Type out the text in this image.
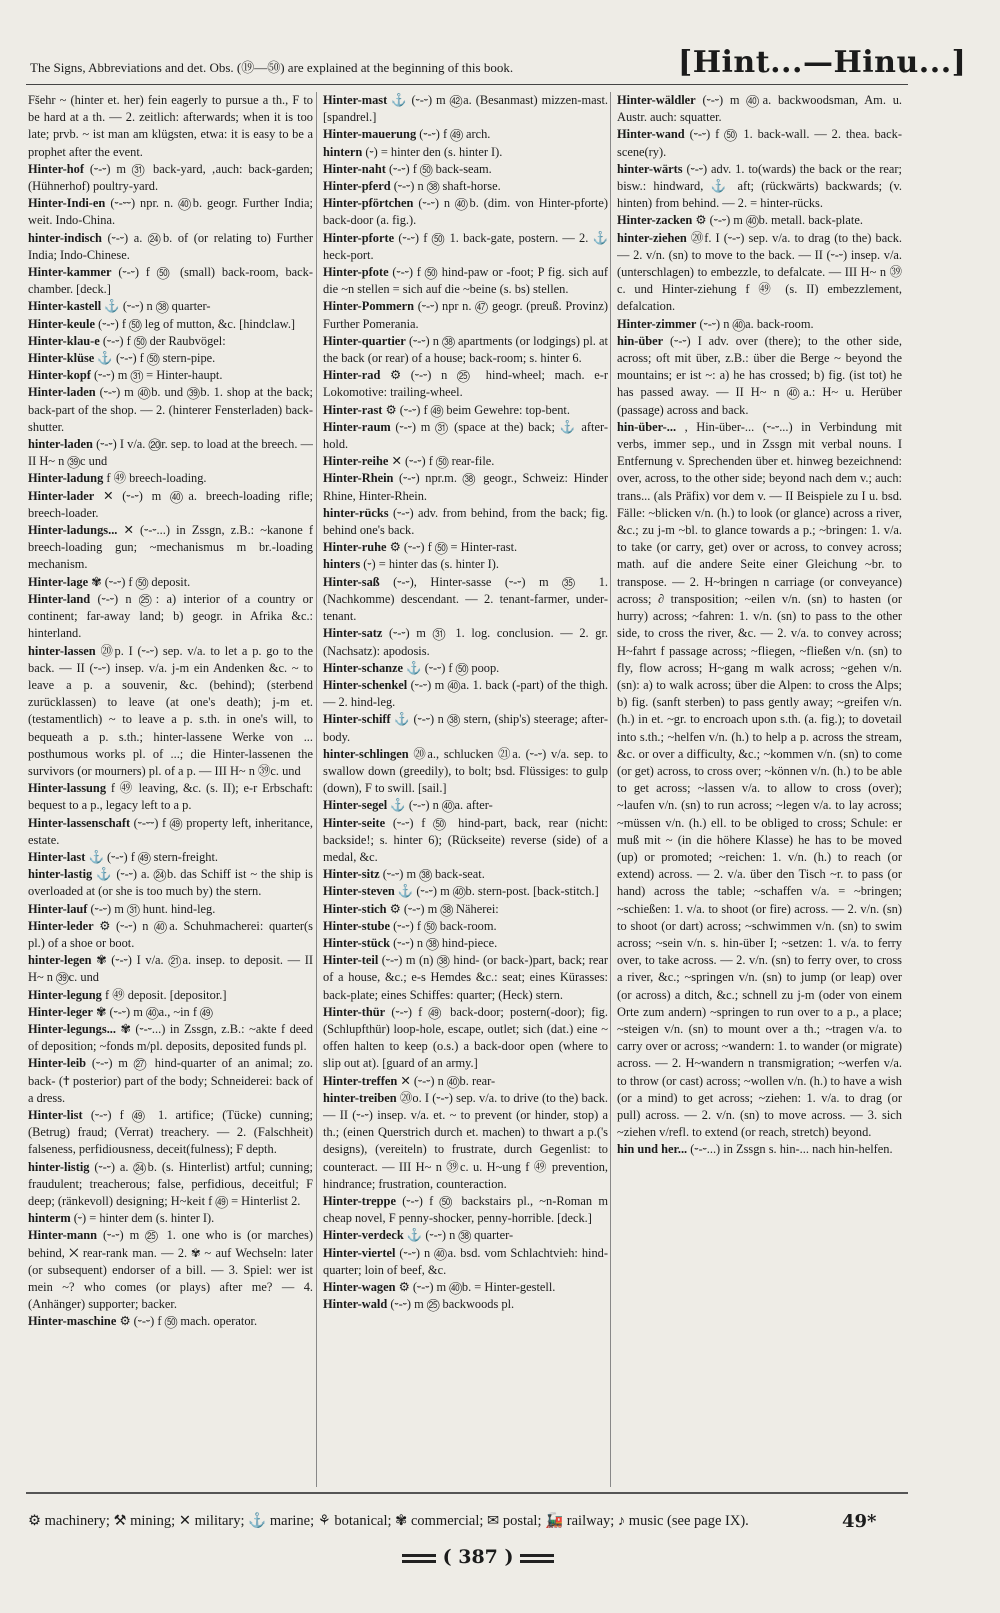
The Signs, Abbreviations and det. Obs. (⑲—㊿) are explained at the beginning of this book.	[Hint...—Hinu...]

Fšehr ~ (hinter et. her) fein eagerly to pursue a th., F to be hard at a th. — 2. zeitlich: afterwards; when it is too late; prvb. ~ ist man am klügsten, etwa: it is easy to be a prophet after the event.

Hinter-hof (⏑-⏑) m ㉛ back-yard, ‚auch: back-garden; (Hühnerhof) poultry-yard.

Hinter-Indi-en (⏑-⏑⏑) npr. n. ㊵b. geogr. Further India; weit. Indo-China.

hinter-indisch (⏑-⏑) a. ㉔b. of (or relating to) Further India; Indo-Chinese.

Hinter-kammer (⏑-⏑) f ㊿ (small) back-room, back-chamber. [deck.]

Hinter-kastell ⚓ (⏑-⏑) n ㊳ quarter-

Hinter-keule (⏑-⏑) f ㊿ leg of mutton, &c. [hindclaw.]

Hinter-klau-e (⏑-⏑) f ㊿ der Raubvögel:

Hinter-klüse ⚓ (⏑-⏑) f ㊿ stern-pipe.

Hinter-kopf (⏑-⏑) m ㉛ = Hinter-haupt.

Hinter-laden (⏑-⏑) m ㊵b. und ㊴b. 1. shop at the back; back-part of the shop. — 2. (hinterer Fensterladen) back-shutter.

hinter-laden (⏑-⏑) I v/a. ⑳r. sep. to load at the breech. — II H~ n ㊴c und

Hinter-ladung f ㊾ breech-loading.

Hinter-lader ✕ (⏑-⏑) m ㊵a. breech-loading rifle; breech-loader.

Hinter-ladungs... ✕ (⏑-⏑...) in Zssgn, z.B.: ~kanone f breech-loading gun; ~mechanismus m br.-loading mechanism.

Hinter-lage ✾ (⏑-⏑) f ㊿ deposit.

Hinter-land (⏑-⏑) n ㉕: a) interior of a country or continent; far-away land; b) geogr. in Afrika &c.: hinterland.

hinter-lassen ⑳p. I (⏑-⏑) sep. v/a. to let a p. go to the back. — II (⏑-⏑) insep. v/a. j-m ein Andenken &c. ~ to leave a p. a souvenir, &c. (behind); (sterbend zurücklassen) to leave (at one's death); j-m et. (testamentlich) ~ to leave a p. s.th. in one's will, to bequeath a p. s.th.; hinter-lassene Werke von ... posthumous works pl. of ...; die Hinter-lassenen the survivors (or mourners) pl. of a p. — III H~ n ㊴c. und

Hinter-lassung f ㊾ leaving, &c. (s. II); e-r Erbschaft: bequest to a p., legacy left to a p.

Hinter-lassenschaft (⏑-⏑⏑) f ㊾ property left, inheritance, estate.

Hinter-last ⚓ (⏑-⏑) f ㊾ stern-freight.

hinter-lastig ⚓ (⏑-⏑) a. ㉔b. das Schiff ist ~ the ship is overloaded at (or she is too much by) the stern.

Hinter-lauf (⏑-⏑) m ㉛ hunt. hind-leg.

Hinter-leder ⚙ (⏑-⏑) n ㊵a. Schuhmacherei: quarter(s pl.) of a shoe or boot.

hinter-legen ✾ (⏑-⏑) I v/a. ㉑a. insep. to deposit. — II H~ n ㊴c. und

Hinter-legung f ㊾ deposit. [depositor.]

Hinter-leger ✾ (⏑-⏑) m ㊵a., ~in f ㊾

Hinter-legungs... ✾ (⏑-⏑...) in Zssgn, z.B.: ~akte f deed of deposition; ~fonds m/pl. deposits, deposited funds pl.

Hinter-leib (⏑-⏑) m ㉗ hind-quarter of an animal; zo. back- (✝ posterior) part of the body; Schneiderei: back of a dress.

Hinter-list (⏑-⏑) f ㊾ 1. artifice; (Tücke) cunning; (Betrug) fraud; (Verrat) treachery. — 2. (Falschheit) falseness, perfidiousness, deceit(fulness); F depth.

hinter-listig (⏑-⏑) a. ㉔b. (s. Hinterlist) artful; cunning; fraudulent; treacherous; false, perfidious, deceitful; F deep; (ränkevoll) designing; H~keit f ㊾ = Hinterlist 2.

hinterm (⏑) = hinter dem (s. hinter I).

Hinter-mann (⏑-⏑) m ㉕ 1. one who is (or marches) behind, ✕ rear-rank man. — 2. ✾ ~ auf Wechseln: later (or subsequent) endorser of a bill. — 3. Spiel: wer ist mein ~? who comes (or plays) after me? — 4. (Anhänger) supporter; backer.

Hinter-maschine ⚙ (⏑-⏑) f ㊿ mach. operator.

Hinter-mast ⚓ (⏑-⏑) m ㊷a. (Besanmast) mizzen-mast. [spandrel.]

Hinter-mauerung (⏑-⏑) f ㊾ arch.

hintern (⏑) = hinter den (s. hinter I).

Hinter-naht (⏑-⏑) f ㊿ back-seam.

Hinter-pferd (⏑-⏑) n ㊳ shaft-horse.

Hinter-pförtchen (⏑-⏑) n ㊵b. (dim. von Hinter-pforte) back-door (a. fig.).

Hinter-pforte (⏑-⏑) f ㊿ 1. back-gate, postern. — 2. ⚓ heck-port.

Hinter-pfote (⏑-⏑) f ㊿ hind-paw or -foot; P fig. sich auf die ~n stellen = sich auf die ~beine (s. bs) stellen.

Hinter-Pommern (⏑-⏑) npr n. ㊼ geogr. (preuß. Provinz) Further Pomerania.

Hinter-quartier (⏑-⏑) n ㊳ apartments (or lodgings) pl. at the back (or rear) of a house; back-room; s. hinter 6.

Hinter-rad ⚙ (⏑-⏑) n ㉕ hind-wheel; mach. e-r Lokomotive: trailing-wheel.

Hinter-rast ⚙ (⏑-⏑) f ㊾ beim Gewehre: top-bent.

Hinter-raum (⏑-⏑) m ㉛ (space at the) back; ⚓ after-hold.

Hinter-reihe ✕ (⏑-⏑) f ㊿ rear-file.

Hinter-Rhein (⏑-⏑) npr.m. ㊳ geogr., Schweiz: Hinder Rhine, Hinter-Rhein.

hinter-rücks (⏑-⏑) adv. from behind, from the back; fig. behind one's back.

Hinter-ruhe ⚙ (⏑-⏑) f ㊿ = Hinter-rast.

hinters (⏑) = hinter das (s. hinter I).

Hinter-saß (⏑-⏑), Hinter-sasse (⏑-⏑) m ㉟ 1. (Nachkomme) descendant. — 2. tenant-farmer, under-tenant.

Hinter-satz (⏑-⏑) m ㉛ 1. log. conclusion. — 2. gr. (Nachsatz): apodosis.

Hinter-schanze ⚓ (⏑-⏑) f ㊿ poop.

Hinter-schenkel (⏑-⏑) m ㊵a. 1. back (-part) of the thigh. — 2. hind-leg.

Hinter-schiff ⚓ (⏑-⏑) n ㊳ stern, (ship's) steerage; after-body.

hinter-schlingen ⑳a., schlucken ㉑a. (⏑-⏑) v/a. sep. to swallow down (greedily), to bolt; bsd. Flüssiges: to gulp (down), F to swill. [sail.]

Hinter-segel ⚓ (⏑-⏑) n ㊵a. after-

Hinter-seite (⏑-⏑) f ㊿ hind-part, back, rear (nicht: backside!; s. hinter 6); (Rückseite) reverse (side) of a medal, &c.

Hinter-sitz (⏑-⏑) m ㊳ back-seat.

Hinter-steven ⚓ (⏑-⏑) m ㊵b. stern-post. [back-stitch.]

Hinter-stich ⚙ (⏑-⏑) m ㊳ Näherei:

Hinter-stube (⏑-⏑) f ㊿ back-room.

Hinter-stück (⏑-⏑) n ㊳ hind-piece.

Hinter-teil (⏑-⏑) m (n) ㊳ hind- (or back-)part, back; rear of a house, &c.; e-s Hemdes &c.: seat; eines Kürasses: back-plate; eines Schiffes: quarter; (Heck) stern.

Hinter-thür (⏑-⏑) f ㊾ back-door; postern(-door); fig. (Schlupfthür) loop-hole, escape, outlet; sich (dat.) eine ~ offen halten to keep (o.s.) a back-door open (where to slip out at). [guard of an army.]

Hinter-treffen ✕ (⏑-⏑) n ㊵b. rear-

hinter-treiben ⑳o. I (⏑-⏑) sep. v/a. to drive (to the) back. — II (⏑-⏑) insep. v/a. et. ~ to prevent (or hinder, stop) a th.; (einen Querstrich durch et. machen) to thwart a p.('s designs), (vereiteln) to frustrate, durch Gegenlist: to counteract. — III H~ n ㊴c. u. H~ung f ㊾ prevention, hindrance; frustration, counteraction.

Hinter-treppe (⏑-⏑) f ㊿ backstairs pl., ~n-Roman m cheap novel, F penny-shocker, penny-horrible. [deck.]

Hinter-verdeck ⚓ (⏑-⏑) n ㊳ quarter-

Hinter-viertel (⏑-⏑) n ㊵a. bsd. vom Schlachtvieh: hind-quarter; loin of beef, &c.

Hinter-wagen ⚙ (⏑-⏑) m ㊵b. = Hinter-gestell.

Hinter-wald (⏑-⏑) m ㉕ backwoods pl.

Hinter-wäldler (⏑-⏑) m ㊵a. backwoodsman, Am. u. Austr. auch: squatter.

Hinter-wand (⏑-⏑) f ㊿ 1. back-wall. — 2. thea. back-scene(ry).

hinter-wärts (⏑-⏑) adv. 1. to(wards) the back or the rear; bisw.: hindward, ⚓ aft; (rückwärts) backwards; (v. hinten) from behind. — 2. = hinter-rücks.

Hinter-zacken ⚙ (⏑-⏑) m ㊵b. metall. back-plate.

hinter-ziehen ⑳f. I (⏑-⏑) sep. v/a. to drag (to the) back. — 2. v/n. (sn) to move to the back. — II (⏑-⏑) insep. v/a. (unterschlagen) to embezzle, to defalcate. — III H~ n ㊴c. und Hinter-ziehung f ㊾ (s. II) embezzlement, defalcation.

Hinter-zimmer (⏑-⏑) n ㊵a. back-room.

hin-über (⏑-⏑) I adv. over (there); to the other side, across; oft mit über, z.B.: über die Berge ~ beyond the mountains; er ist ~: a) he has crossed; b) fig. (ist tot) he has passed away. — II H~ n ㊵a.: H~ u. Herüber (passage) across and back.

hin-über-... , Hin-über-... (⏑-⏑...) in Verbindung mit verbs, immer sep., und in Zssgn mit verbal nouns. I Entfernung v. Sprechenden über et. hinweg bezeichnend: over, across, to the other side; beyond nach dem v.; auch: trans... (als Präfix) vor dem v. — II Beispiele zu I u. bsd. Fälle: ~blicken v/n. (h.) to look (or glance) across a river, &c.; zu j-m ~bl. to glance towards a p.; ~bringen: 1. v/a. to take (or carry, get) over or across, to convey across; math. auf die andere Seite einer Gleichung ~br. to transpose. — 2. H~bringen n carriage (or conveyance) across; ∂ transposition; ~eilen v/n. (sn) to hasten (or hurry) across; ~fahren: 1. v/n. (sn) to pass to the other side, to cross the river, &c. — 2. v/a. to convey across; H~fahrt f passage across; ~fliegen, ~fließen v/n. (sn) to fly, flow across; H~gang m walk across; ~gehen v/n. (sn): a) to walk across; über die Alpen: to cross the Alps; b) fig. (sanft sterben) to pass gently away; ~greifen v/n. (h.) in et. ~gr. to encroach upon s.th. (a. fig.); to dovetail into s.th.; ~helfen v/n. (h.) to help a p. across the stream, &c. or over a difficulty, &c.; ~kommen v/n. (sn) to come (or get) across, to cross over; ~können v/n. (h.) to be able to get across; ~lassen v/a. to allow to cross (over); ~laufen v/n. (sn) to run across; ~legen v/a. to lay across; ~müssen v/n. (h.) ell. to be obliged to cross; Schule: er muß mit ~ (in die höhere Klasse) he has to be moved (up) or promoted; ~reichen: 1. v/n. (h.) to reach (or extend) across. — 2. v/a. über den Tisch ~r. to pass (or hand) across the table; ~schaffen v/a. = ~bringen; ~schießen: 1. v/a. to shoot (or fire) across. — 2. v/n. (sn) to shoot (or dart) across; ~schwimmen v/n. (sn) to swim across; ~sein v/n. s. hin-über I; ~setzen: 1. v/a. to ferry over, to take across. — 2. v/n. (sn) to ferry over, to cross a river, &c.; ~springen v/n. (sn) to jump (or leap) over (or across) a ditch, &c.; schnell zu j-m (oder von einem Orte zum andern) ~springen to run over to a p., a place; ~steigen v/n. (sn) to mount over a th.; ~tragen v/a. to carry over or across; ~wandern: 1. to wander (or migrate) across. — 2. H~wandern n transmigration; ~werfen v/a. to throw (or cast) across; ~wollen v/n. (h.) to have a wish (or a mind) to get across; ~ziehen: 1. v/a. to drag (or pull) across. — 2. v/n. (sn) to move across. — 3. sich ~ziehen v/refl. to extend (or reach, stretch) beyond.

hin und her... (⏑-⏑...) in Zssgn s. hin-... nach hin-helfen.

⚙ machinery; ⚒ mining; ✕ military; ⚓ marine; ⚘ botanical; ✾ commercial; ✉ postal; 🚂 railway; ♪ music (see page IX).
( 387 )
49*
